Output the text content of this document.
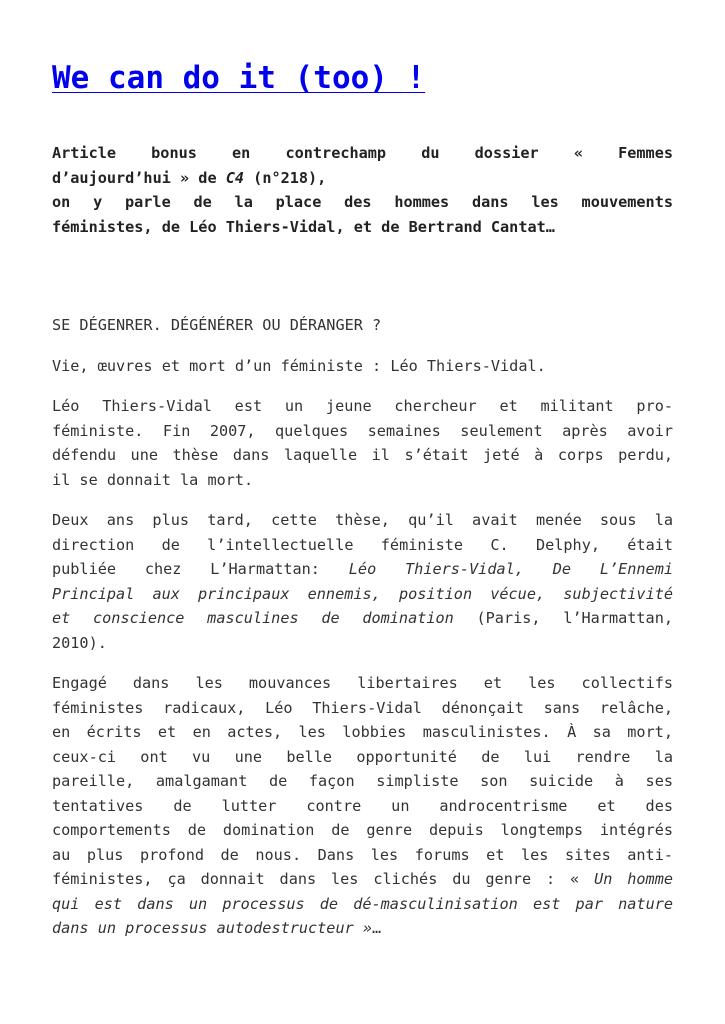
We can do it (too) !
Article bonus en contrechamp du dossier « Femmes
d’aujourd’hui » de C4 (n°218),
on y parle de la place des hommes dans les mouvements
féministes, de Léo Thiers-Vidal, et de Bertrand Cantat…

SE DÉGENRER. DÉGÉNÉRER OU DÉRANGER ?

Vie, œuvres et mort d’un féministe : Léo Thiers-Vidal.

Léo Thiers-Vidal est un jeune chercheur et militant pro-
féministe. Fin 2007, quelques semaines seulement après avoir
défendu une thèse dans laquelle il s’était jeté à corps perdu,
il se donnait la mort.

Deux ans plus tard, cette thèse, qu’il avait menée sous la
direction de l’intellectuelle féministe C. Delphy, était
publiée chez L’Harmattan: Léo Thiers-Vidal, De L’Ennemi
Principal aux principaux ennemis, position vécue, subjectivité
et conscience masculines de domination (Paris, l’Harmattan,
2010).

Engagé dans les mouvances libertaires et les collectifs
féministes radicaux, Léo Thiers-Vidal dénonçait sans relâche,
en écrits et en actes, les lobbies masculinistes. À sa mort,
ceux-ci ont vu une belle opportunité de lui rendre la
pareille, amalgamant de façon simpliste son suicide à ses
tentatives de lutter contre un androcentrisme et des
comportements de domination de genre depuis longtemps intégrés
au plus profond de nous. Dans les forums et les sites anti-
féministes, ça donnait dans les clichés du genre : « Un homme
qui est dans un processus de dé-masculinisation est par nature
dans un processus autodestructeur »…
